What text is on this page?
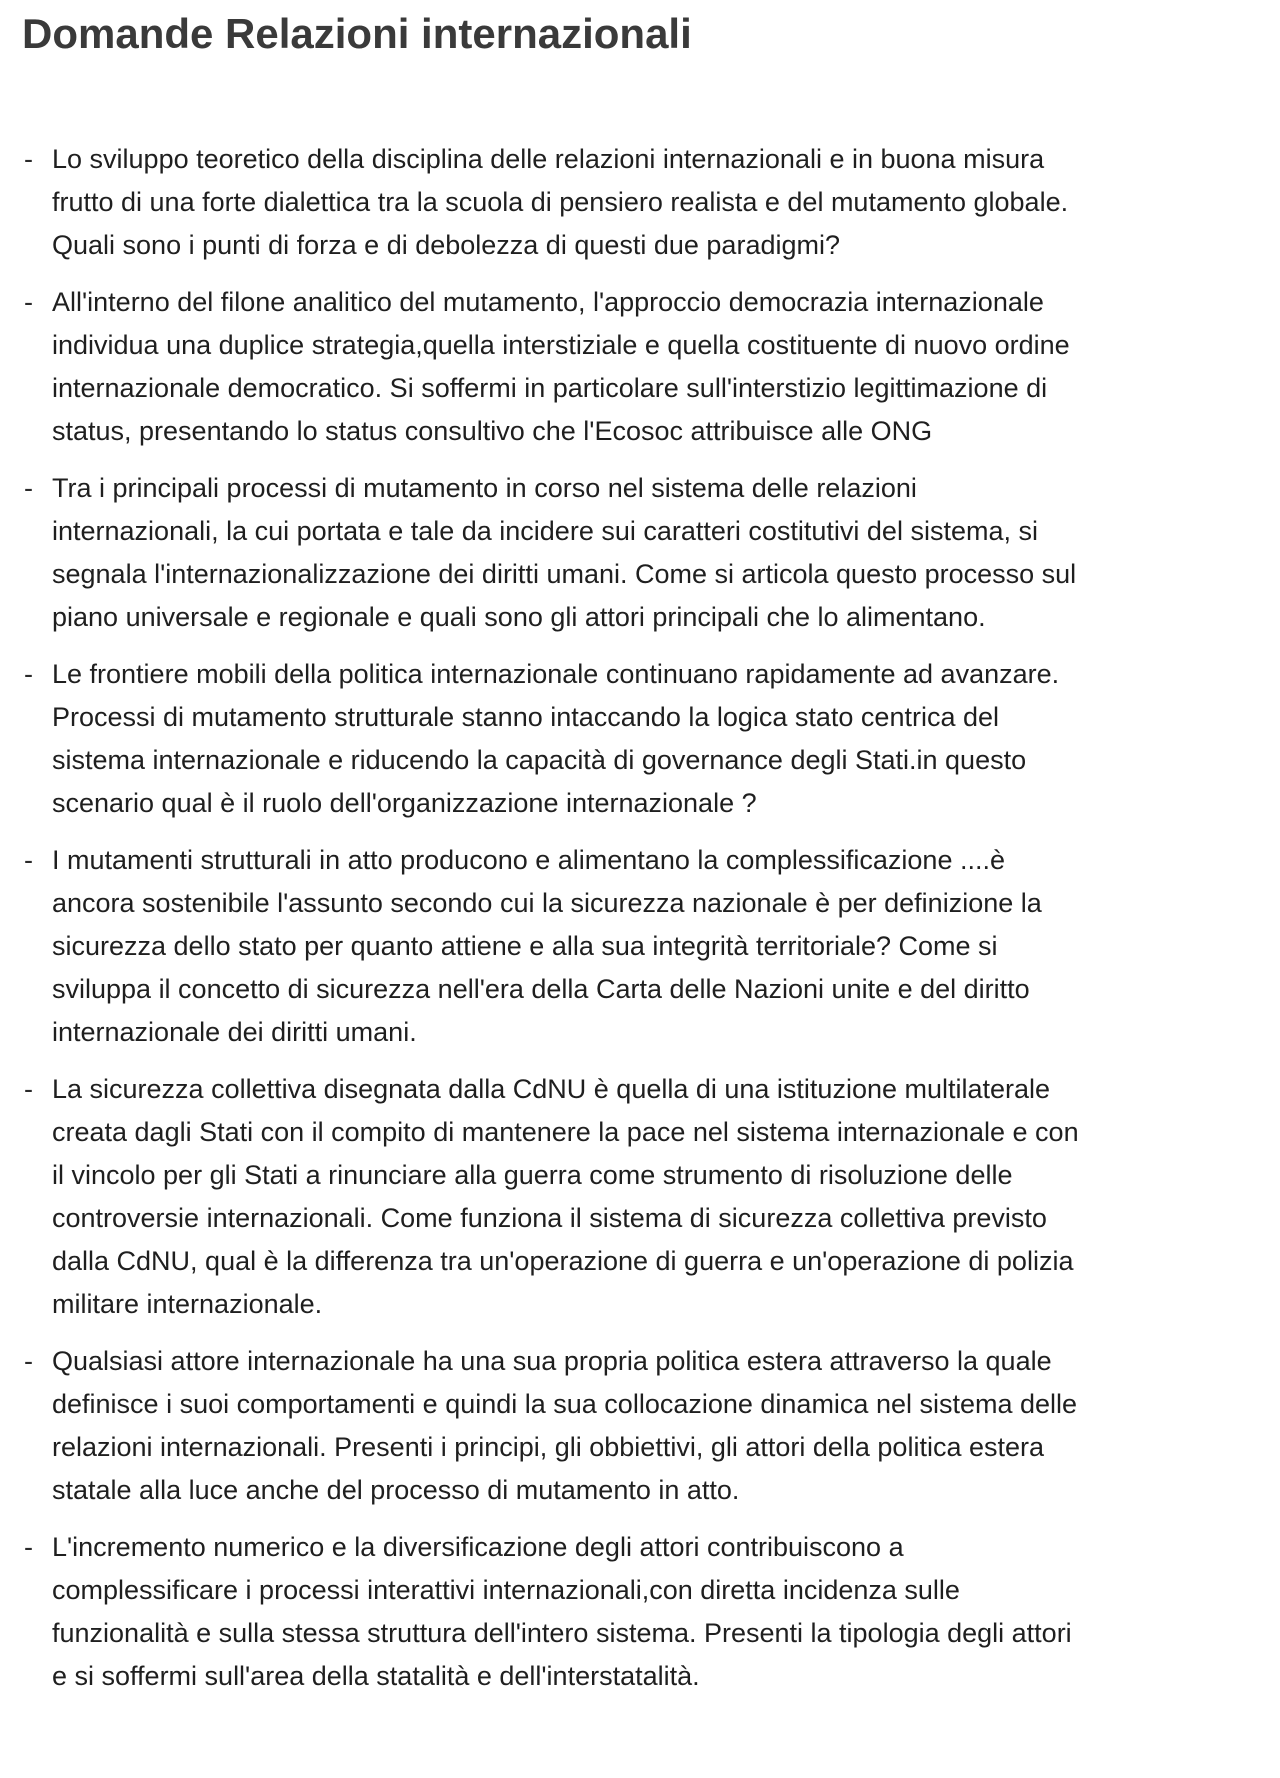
Domande Relazioni internazionali
- Lo sviluppo teoretico della disciplina delle relazioni internazionali e in buona misura
frutto di una forte dialettica tra la scuola di pensiero realista e del mutamento globale.
Quali sono i punti di forza e di debolezza di questi due paradigmi?
- All'interno del filone analitico del mutamento, l'approccio democrazia internazionale
individua una duplice strategia,quella interstiziale e quella costituente di nuovo ordine
internazionale democratico. Si soffermi in particolare sull'interstizio legittimazione di
status, presentando lo status consultivo che l'Ecosoc attribuisce alle ONG
- Tra i principali processi di mutamento in corso nel sistema delle relazioni
internazionali, la cui portata e tale da incidere sui caratteri costitutivi del sistema, si
segnala l'internazionalizzazione dei diritti umani. Come si articola questo processo sul
piano universale e regionale e quali sono gli attori principali che lo alimentano.
- Le frontiere mobili della politica internazionale continuano rapidamente ad avanzare.
Processi di mutamento strutturale stanno intaccando la logica stato centrica del
sistema internazionale e riducendo la capacità di governance degli Stati.in questo
scenario qual è il ruolo dell'organizzazione internazionale ?
- I mutamenti strutturali in atto producono e alimentano la complessificazione ....è
ancora sostenibile l'assunto secondo cui la sicurezza nazionale è per definizione la
sicurezza dello stato per quanto attiene e alla sua integrità territoriale? Come si
sviluppa il concetto di sicurezza nell'era della Carta delle Nazioni unite e del diritto
internazionale dei diritti umani.
- La sicurezza collettiva disegnata dalla CdNU è quella di una istituzione multilaterale
creata dagli Stati con il compito di mantenere la pace nel sistema internazionale e con
il vincolo per gli Stati a rinunciare alla guerra come strumento di risoluzione delle
controversie internazionali. Come funziona il sistema di sicurezza collettiva previsto
dalla CdNU, qual è la differenza tra un'operazione di guerra e un'operazione di polizia
militare internazionale.
- Qualsiasi attore internazionale ha una sua propria politica estera attraverso la quale
definisce i suoi comportamenti e quindi la sua collocazione dinamica nel sistema delle
relazioni internazionali. Presenti i principi, gli obbiettivi, gli attori della politica estera
statale alla luce anche del processo di mutamento in atto.
- L'incremento numerico e la diversificazione degli attori contribuiscono a
complessificare i processi interattivi internazionali,con diretta incidenza sulle
funzionalità e sulla stessa struttura dell'intero sistema. Presenti la tipologia degli attori
e si soffermi sull'area della statalità e dell'interstatalità.
